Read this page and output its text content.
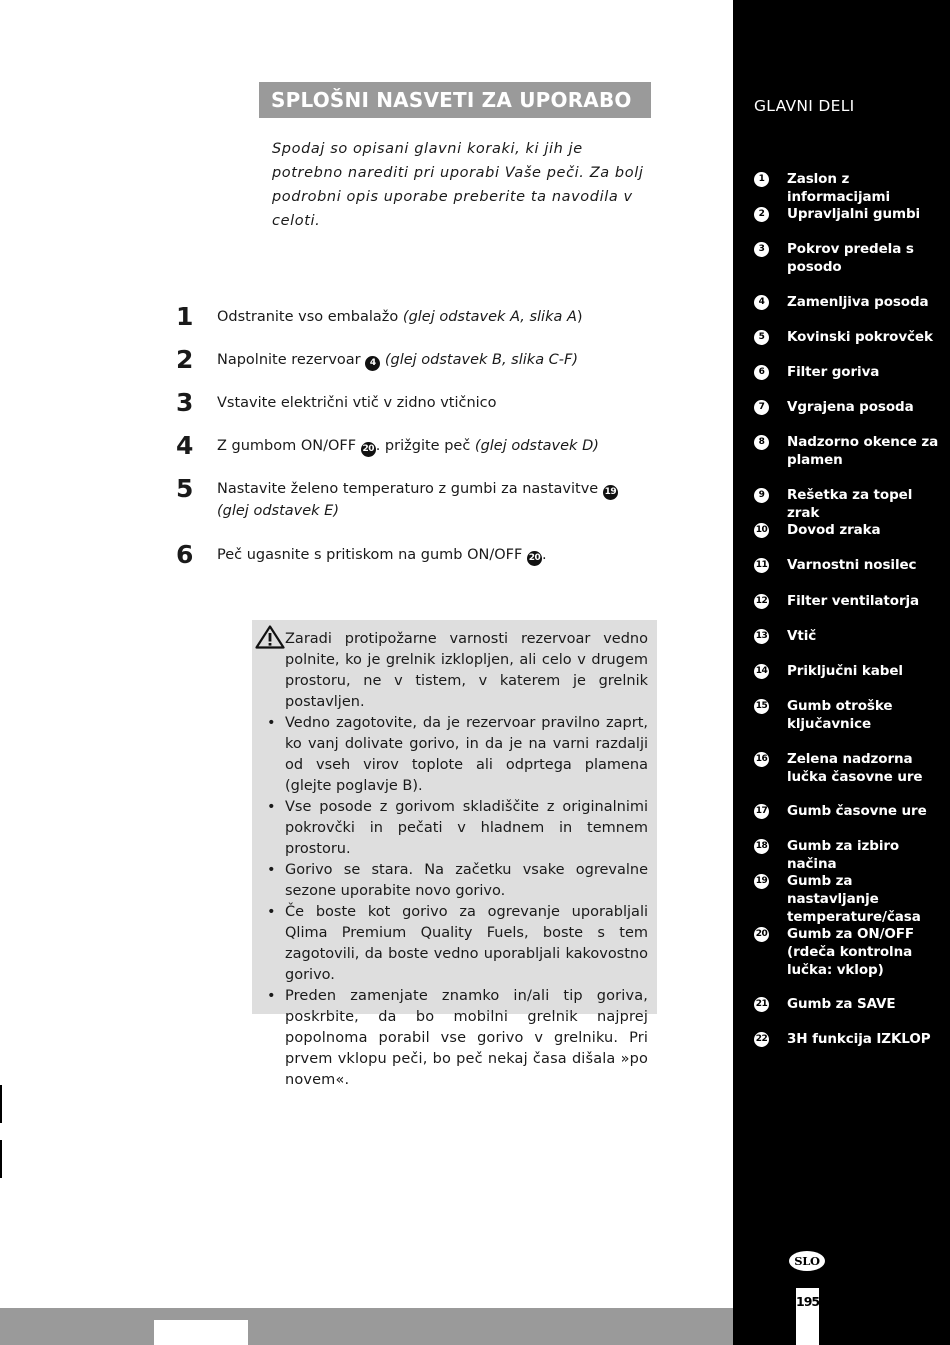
SPLOŠNI NASVETI ZA UPORABO
Spodaj so opisani glavni koraki, ki jih je potrebno narediti pri uporabi Vaše peči. Za bolj podrobni opis uporabe preberite ta navodila v celoti.
1	Odstranite vso embalažo (glej odstavek A, slika A)
2	Napolnite rezervoar 4 (glej odstavek B, slika C-F)
3	Vstavite električni vtič v zidno vtičnico
4	Z gumbom ON/OFF 20 . prižgite peč (glej odstavek D)
5	Nastavite želeno temperaturo z gumbi za nastavitve 19 (glej odstavek E)
6	Peč ugasnite s pritiskom na gumb ON/OFF 20 .

Zaradi protipožarne varnosti rezervoar vedno polnite, ko je grelnik izklopljen, ali celo v drugem prostoru, ne v tistem, v katerem je grelnik postavljen.

• Vedno zagotovite, da je rezervoar pravilno zaprt, ko vanj dolivate gorivo, in da je na varni razdalji od vseh virov toplote ali odprtega plamena (glejte poglavje B).
• Vse posode z gorivom skladiščite z originalnimi pokrovčki in pečati v hladnem in temnem prostoru.
• Gorivo se stara. Na začetku vsake ogrevalne sezone uporabite novo gorivo.
• Če boste kot gorivo za ogrevanje uporabljali Qlima Premium Quality Fuels, boste s tem zagotovili, da boste vedno uporabljali kakovostno gorivo.
• Preden zamenjate znamko in/ali tip goriva, poskrbite, da bo mobilni grelnik najprej popolnoma porabil vse gorivo v grelniku. Pri prvem vklopu peči, bo peč nekaj časa dišala »po novem«.
GLAVNI DELI
1	Zaslon z informacijami
2	Upravljalni gumbi
3	Pokrov predela s posodo
4	Zamenljiva posoda
5	Kovinski pokrovček
6	Filter goriva
7	Vgrajena posoda
8	Nadzorno okence za plamen
9	Rešetka za topel zrak
10 Dovod zraka
11 Varnostni nosilec
12 Filter ventilatorja
13 Vtič
14 Priključni kabel
15 Gumb otroške ključavnice
16 Zelena nadzorna lučka časovne ure
17 Gumb časovne ure
18 Gumb za izbiro načina
19 Gumb za nastavljanje temperature/časa
20 Gumb za ON/OFF (rdeča kontrolna lučka: vklop)
21 Gumb za SAVE
22 3H funkcija IZKLOP
SLO
195
